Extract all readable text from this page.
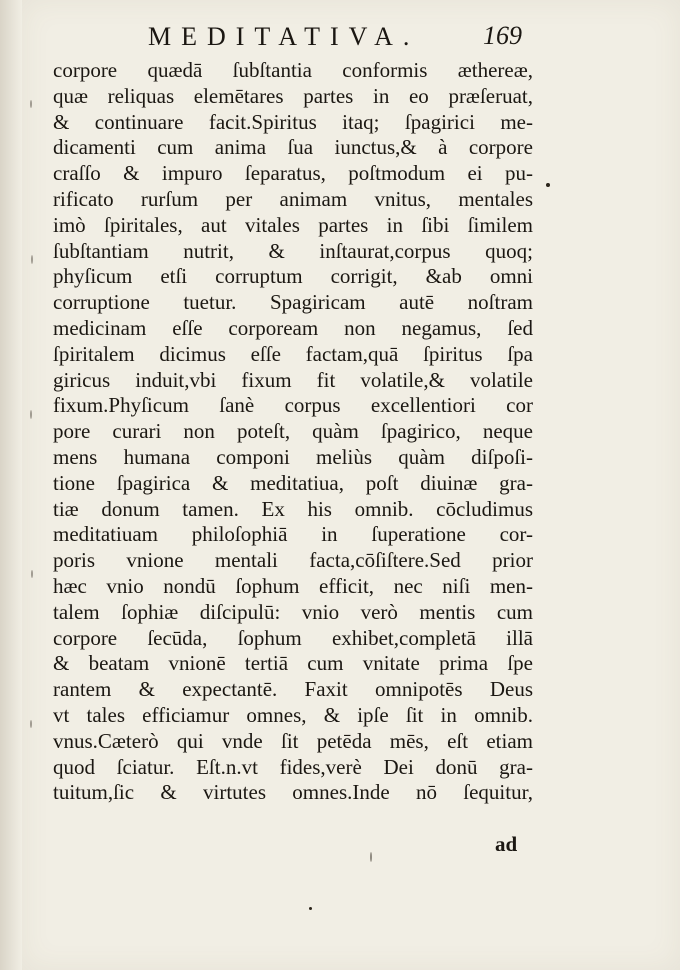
MEDITATIVA. 169
corpore quædā ſubſtantia conformis æthereæ,
quæ reliquas elemētares partes in eo præſeruat,
& continuare facit.Spiritus itaq; ſpagirici me-
dicamenti cum anima ſua iunctus,& à corpore
craſſo & impuro ſeparatus, poſtmodum ei pu-
rificato rurſum per animam vnitus, mentales
imò ſpiritales, aut vitales partes in ſibi ſimilem
ſubſtantiam nutrit, & inſtaurat,corpus quoq;
phyſicum etſi corruptum corrigit, &ab omni
corruptione tuetur. Spagiricam autē noſtram
medicinam eſſe corpoream non negamus, ſed
ſpiritalem dicimus eſſe factam,quā ſpiritus ſpa
giricus induit,vbi fixum fit volatile,& volatile
fixum.Phyſicum ſanè corpus excellentiori cor
pore curari non poteſt, quàm ſpagirico, neque
mens humana componi meliùs quàm diſpoſi-
tione ſpagirica & meditatiua, poſt diuinæ gra-
tiæ donum tamen. Ex his omnib. cōcludimus
meditatiuam philoſophiā in ſuperatione cor-
poris vnione mentali facta,cōſiſtere.Sed prior
hæc vnio nondū ſophum efficit, nec niſi men-
talem ſophiæ diſcipulū: vnio verò mentis cum
corpore ſecūda, ſophum exhibet,completā illā
& beatam vnionē tertiā cum vnitate prima ſpe
rantem & expectantē. Faxit omnipotēs Deus
vt tales efficiamur omnes, & ipſe ſit in omnib.
vnus.Cæterò qui vnde ſit petēda mēs, eſt etiam
quod ſciatur. Eſt.n.vt fides,verè Dei donū gra-
tuitum,ſic & virtutes omnes.Inde nō ſequitur,
ad
